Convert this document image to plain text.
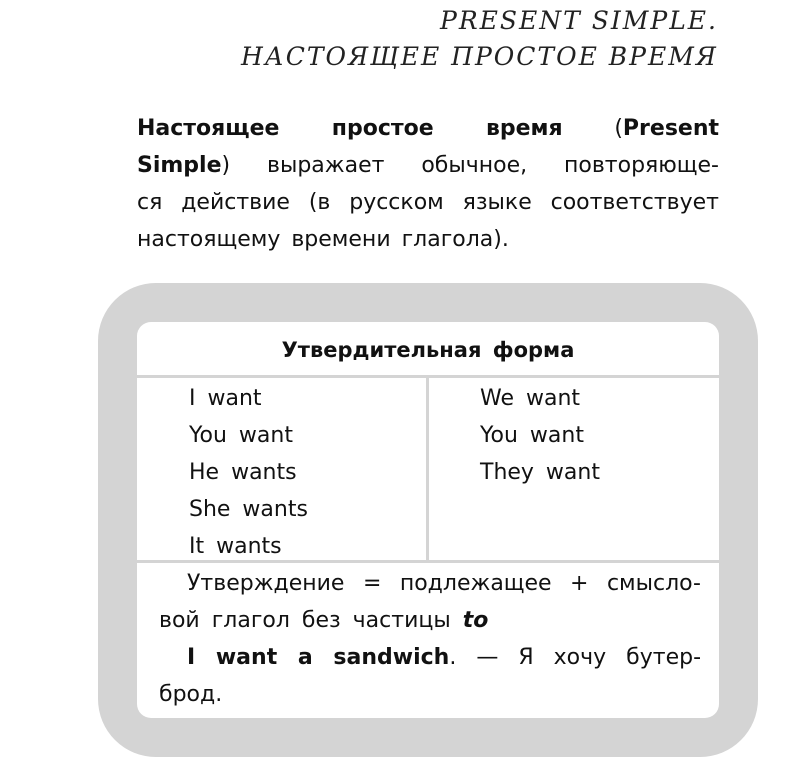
PRESENT SIMPLE.
НАСТОЯЩЕЕ ПРОСТОЕ ВРЕМЯ
Настоящее простое время (Present
Simple) выражает обычное, повторяюще-
ся действие (в русском языке соответствует
настоящему времени глагола).
Утвердительная форма
I want
You want
He wants
She wants
It wants
We want
You want
They want
Утверждение = подлежащее + смыслo-
вой глагол без частицы to
I want a sandwich. — Я хочу бутер-
брод.
